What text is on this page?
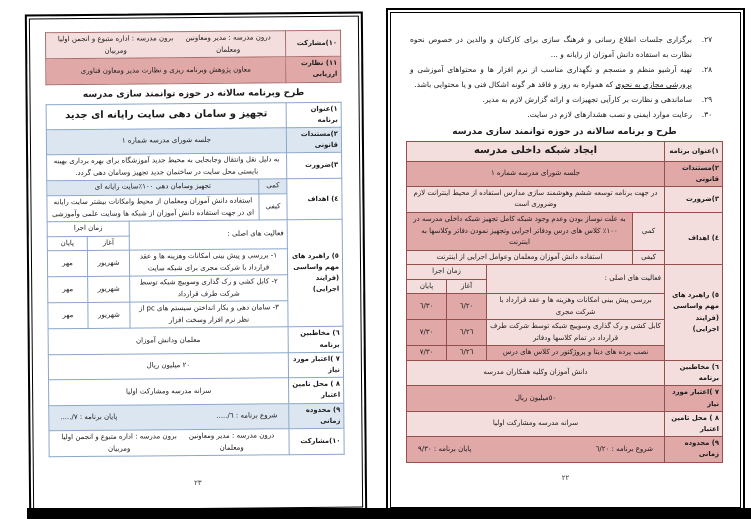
٢٧.
برگزاری جلسات اطلاع رسانی و فرهنگ سازی برای کارکنان و والدین در خصوص نحوه نظارت به استفاده دانش آموزان از رایانه و ...
٢٨.
تهیه آرشیو منظم و منسجم و نگهداری مناسب از نرم افزار ها و محتواهای آموزشی و پرورشی مجازی به نحوی که همواره به روز و فاقد هر گونه اشکال فنی و یا محتوایی باشد.
٢٩.
ساماندهی و نظارت بر کارآیی تجهیزات و ارائه گزارش لازم به مدیر.
٣٠.
رعایت موارد ایمنی و نصب هشدارهای لازم در سایت.
طرح و برنامه سالانه در حوزه توانمند سازی مدرسه
١)عنوان برنامه	ایجاد شبکه داخلی مدرسه			
٢)مستندات قانونی	جلسه شورای مدرسه شماره ١			
٣)ضرورت	در جهت برنامه توسعه ششم وهوشمند سازی مدارس استفاده از محیط اینترانت لازم وضروری است			
٤) اهداف	کمی	به علت نوساز بودن وعدم وجود شبکه کامل تجهیز شبکه داخلی مدرسه در ١٠٠٪ کلاس های درس ودفاتر اجرایی وتجهیز نمودن دفاتر وکلاسها به اینترنت		
	کیفی	استفاده دانش آموزان ومعلمان وعوامل اجرایی از اینترنت		
٥) راهبرد های مهم واساسی (فرایند اجرایی)	فعالیت های اصلی :		زمان اجرا	
			آغاز	پایان
	بررسی پیش بینی امکانات وهزینه ها و عقد قرارداد با شرکت مجری		٦/٢٠	٦/٣٠
	کابل کشی و رک گذاری وسوییچ شبکه توسط شرکت طرف قرارداد در تمام کلاسها ودفاتر		٦/٢٦	٧/٣٠
	نصب پرده های دیتا و پروژکتور در کلاس های درس		٦/٢٦	٧/٣٠
٦) مخاطبین برنامه	دانش آموزان وکلیه همکاران مدرسه			
٧ )اعتبار مورد نیاز	٥٠میلیون ریال			
٨ ) محل تامین اعتبار	سرانه مدرسه ومشارکت اولیا			
٩) محدوده زمانی	شروع برنامه : ٦/٢٠
پایان برنامه : ٩/٣٠			
٢٢
١٠)مشارکت	درون مدرسه : مدیر ومعاونین ومعلمان
برون مدرسه : اداره متبوع و انجمن اولیا ومربیان

١١) نظارت ارزیابی	معاون پژوهش وبرنامه ریزی و نظارت مدیر ومعاون فناوری
طرح وبرنامه سالانه در حوزه توانمند سازی مدرسه
١)عنوان برنامه	تجهیز و سامان دهی سایت رایانه ای جدید			
٢)مستندات قانونی	جلسه شورای مدرسه شماره ١			
٣)ضرورت	به دلیل نقل وانتقال وجابجایی به محیط جدید آموزشگاه برای بهره برداری بهینه بایستی محل سایت در ساختمان جدید تجهیز وسامان دهی گردد.			
٤) اهداف	کمی	تجهیز وسامان دهی ١٠٠٪سایت رایانه ای		
	کیفی	استفاده دانش آموزان ومعلمان از محیط وامکانات بیشتر سایت رایانه ای در جهت استفاده دانش آموزان از شبکه ها وسایت علمی وآموزشی		
٥) راهبرد های مهم واساسی (فرایند اجرایی)	فعالیت های اصلی :		زمان اجرا	
			آغاز	پایان
	١- بررسی و پیش بینی امکانات وهزینه ها و عقد قرارداد با شرکت مجری برای شبکه سایت		شهریور	مهر
	٢- کابل کشی و رک گذاری وسوییچ شبکه توسط شرکت طرف قرارداد		شهریور	مهر
	٣- سامان دهی و بکار انداختن سیستم های pc از نظر نرم افزار وسخت افزار		شهریور	مهر
٦) مخاطبین برنامه	معلمان ودانش آموزان			
٧ )اعتبار مورد نیاز	٢٠ میلیون ریال			
٨ ) محل تامین اعتبار	سرانه مدرسه ومشارکت اولیا			
٩) محدوده زمانی	شروع برنامه : ٦/.....
پایان برنامه : ٧/.....			

١٠)مشارکت	درون مدرسه : مدیر ومعاونین ومعلمان
برون مدرسه : اداره متبوع و انجمن اولیا ومربیان			
٢٣
